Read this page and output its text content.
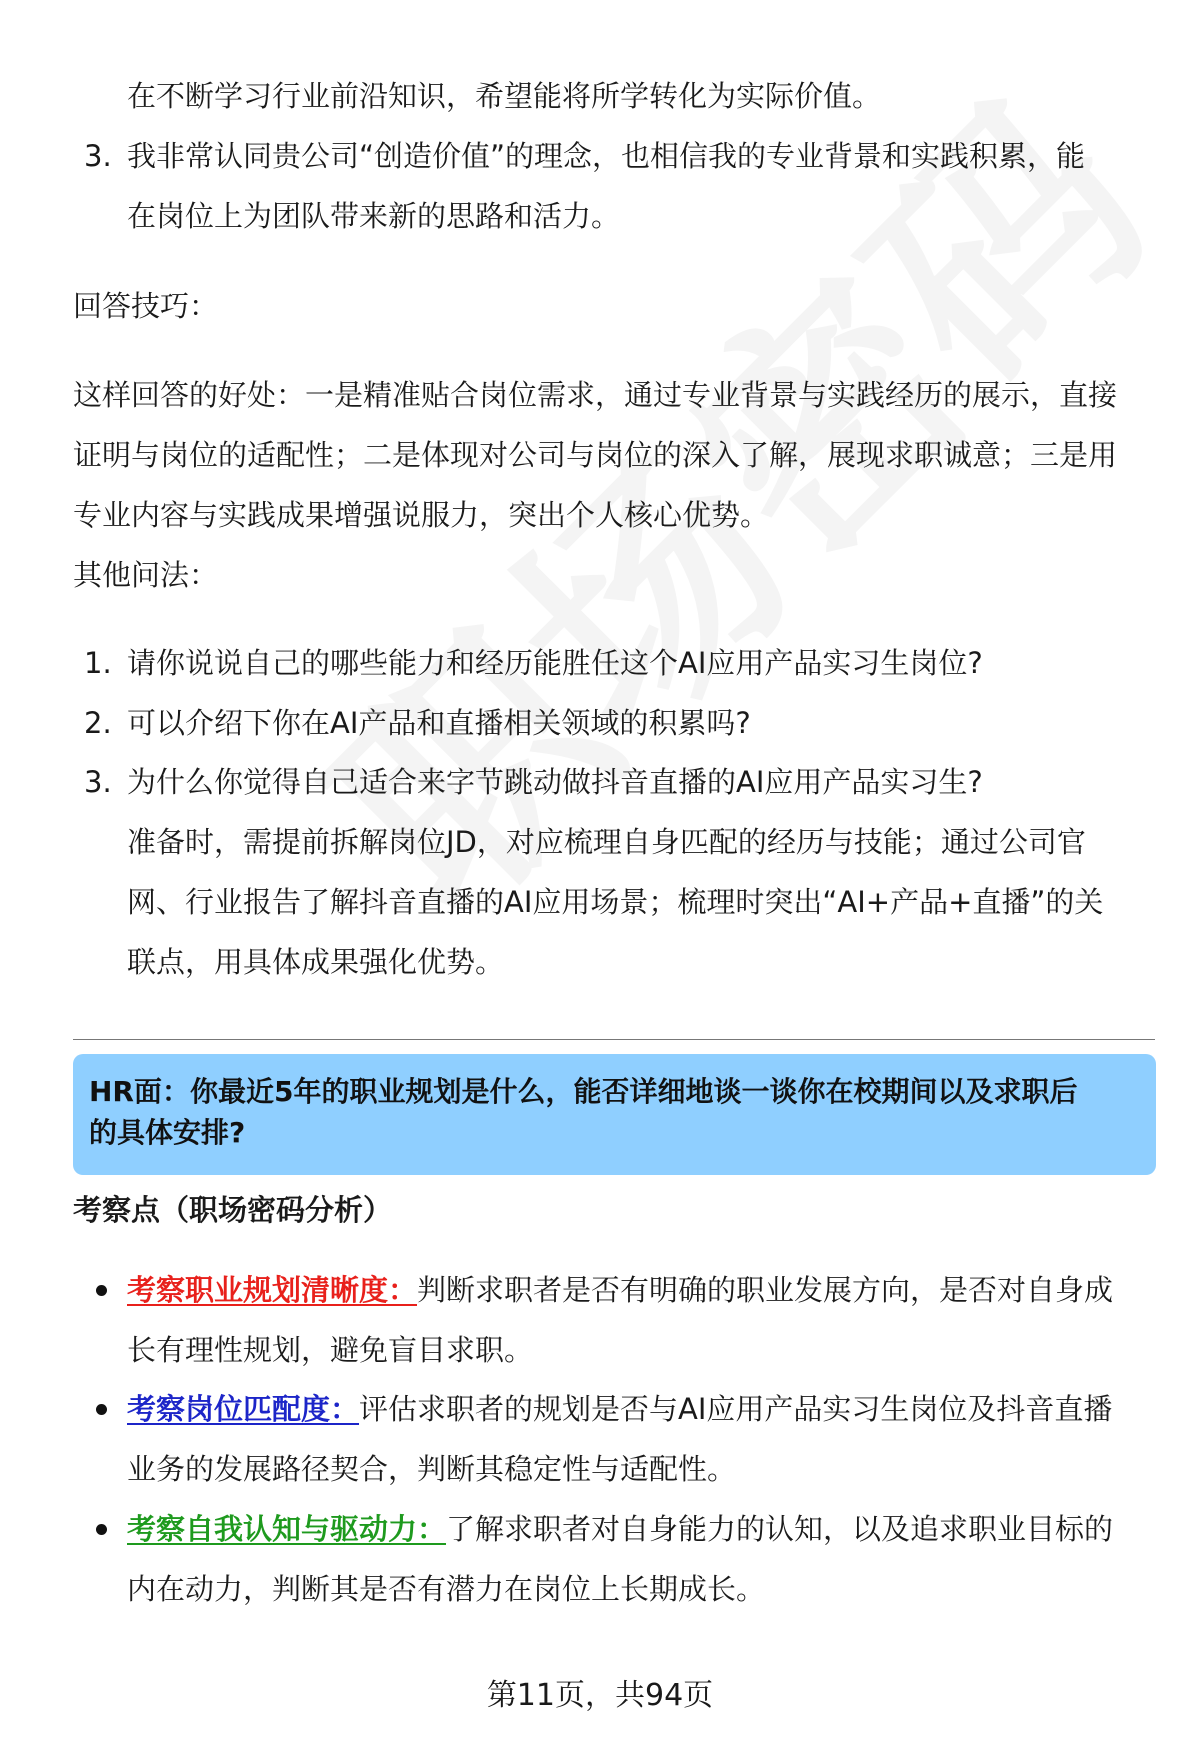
在不断学习行业前沿知识，希望能将所学转化为实际价值。
3. 我非常认同贵公司“创造价值”的理念，也相信我的专业背景和实践积累，能
在岗位上为团队带来新的思路和活力。
回答技巧：
这样回答的好处：一是精准贴合岗位需求，通过专业背景与实践经历的展示，直接
证明与岗位的适配性；二是体现对公司与岗位的深入了解，展现求职诚意；三是用
专业内容与实践成果增强说服力，突出个人核心优势。
其他问法：
1. 请你说说自己的哪些能力和经历能胜任这个AI应用产品实习生岗位?
2. 可以介绍下你在AI产品和直播相关领域的积累吗?
3. 为什么你觉得自己适合来字节跳动做抖音直播的AI应用产品实习生?
准备时，需提前拆解岗位JD，对应梳理自身匹配的经历与技能；通过公司官
网、行业报告了解抖音直播的AI应用场景；梳理时突出“AI+产品+直播”的关
联点，用具体成果强化优势。
HR面：你最近5年的职业规划是什么，能否详细地谈一谈你在校期间以及求职后
的具体安排?
考察点（职场密码分析）
考察职业规划清晰度：判断求职者是否有明确的职业发展方向，是否对自身成
长有理性规划，避免盲目求职。
考察岗位匹配度：评估求职者的规划是否与AI应用产品实习生岗位及抖音直播
业务的发展路径契合，判断其稳定性与适配性。
考察自我认知与驱动力：了解求职者对自身能力的认知，以及追求职业目标的
内在动力，判断其是否有潜力在岗位上长期成长。
第11页，共94页
